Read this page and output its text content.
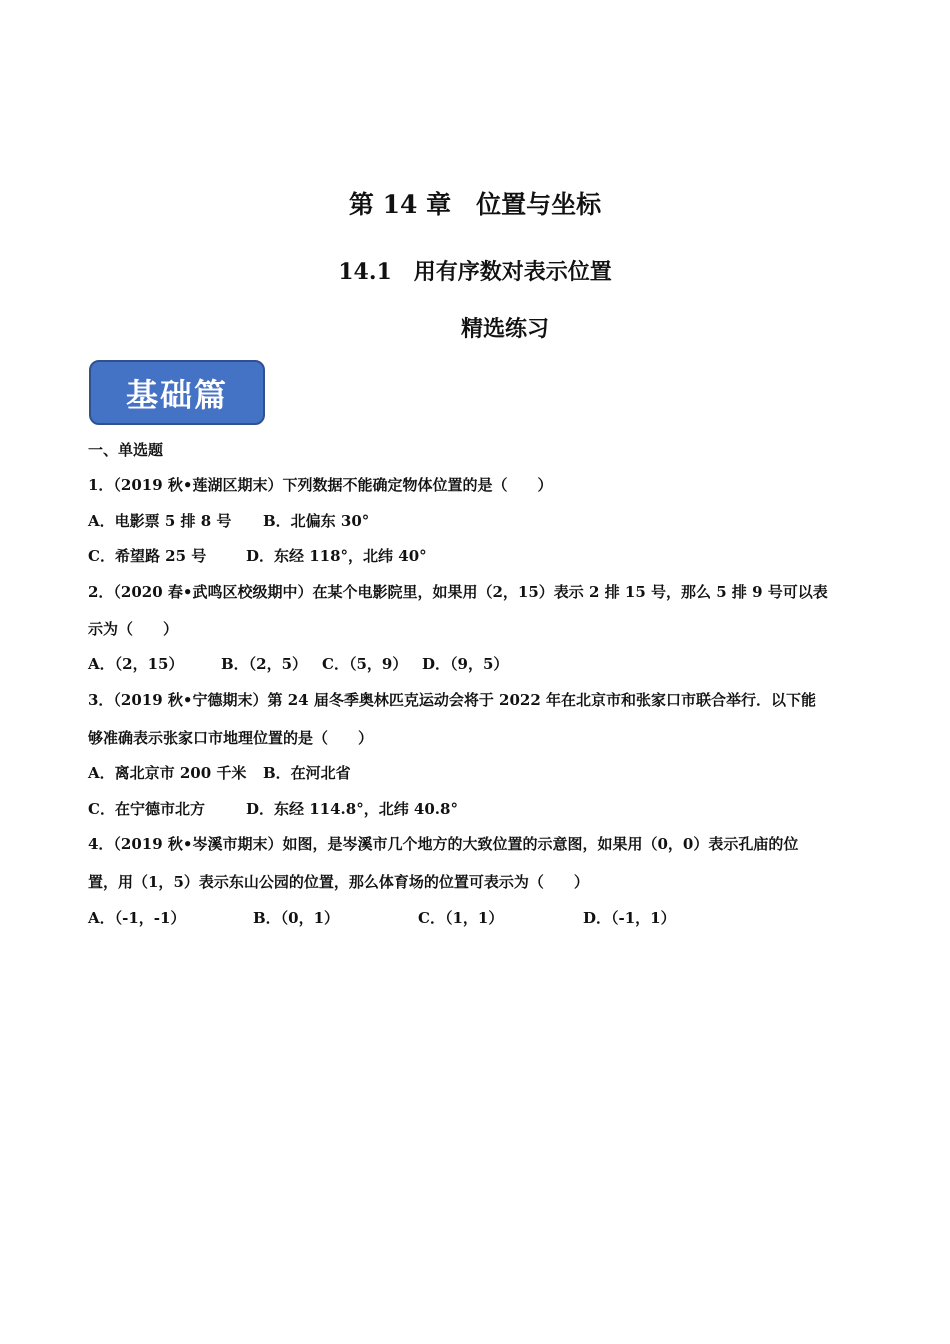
第 14 章　位置与坐标
14.1　用有序数对表示位置
精选练习
基础篇
一、单选题
1．（2019 秋•莲湖区期末）下列数据不能确定物体位置的是（　　）
A．电影票 5 排 8 号 B．北偏东 30°
C．希望路 25 号	D．东经 118°，北纬 40°
2．（2020 春•武鸣区校级期中）在某个电影院里，如果用（2，15）表示 2 排 15 号，那么 5 排 9 号可以表
示为（　　）
A．（2，15）	B．（2，5） C．（5，9） D．（9，5）
3．（2019 秋•宁德期末）第 24 届冬季奥林匹克运动会将于 2022 年在北京市和张家口市联合举行．以下能
够准确表示张家口市地理位置的是（　　）
A．离北京市 200 千米 B．在河北省
C．在宁德市北方	D．东经 114.8°，北纬 40.8°
4．（2019 秋•岑溪市期末）如图，是岑溪市几个地方的大致位置的示意图，如果用（0，0）表示孔庙的位
置，用（1，5）表示东山公园的位置，那么体育场的位置可表示为（　　）
A．（-1，-1）	B．（0，1）	C．（1，1）	D．（-1，1）
